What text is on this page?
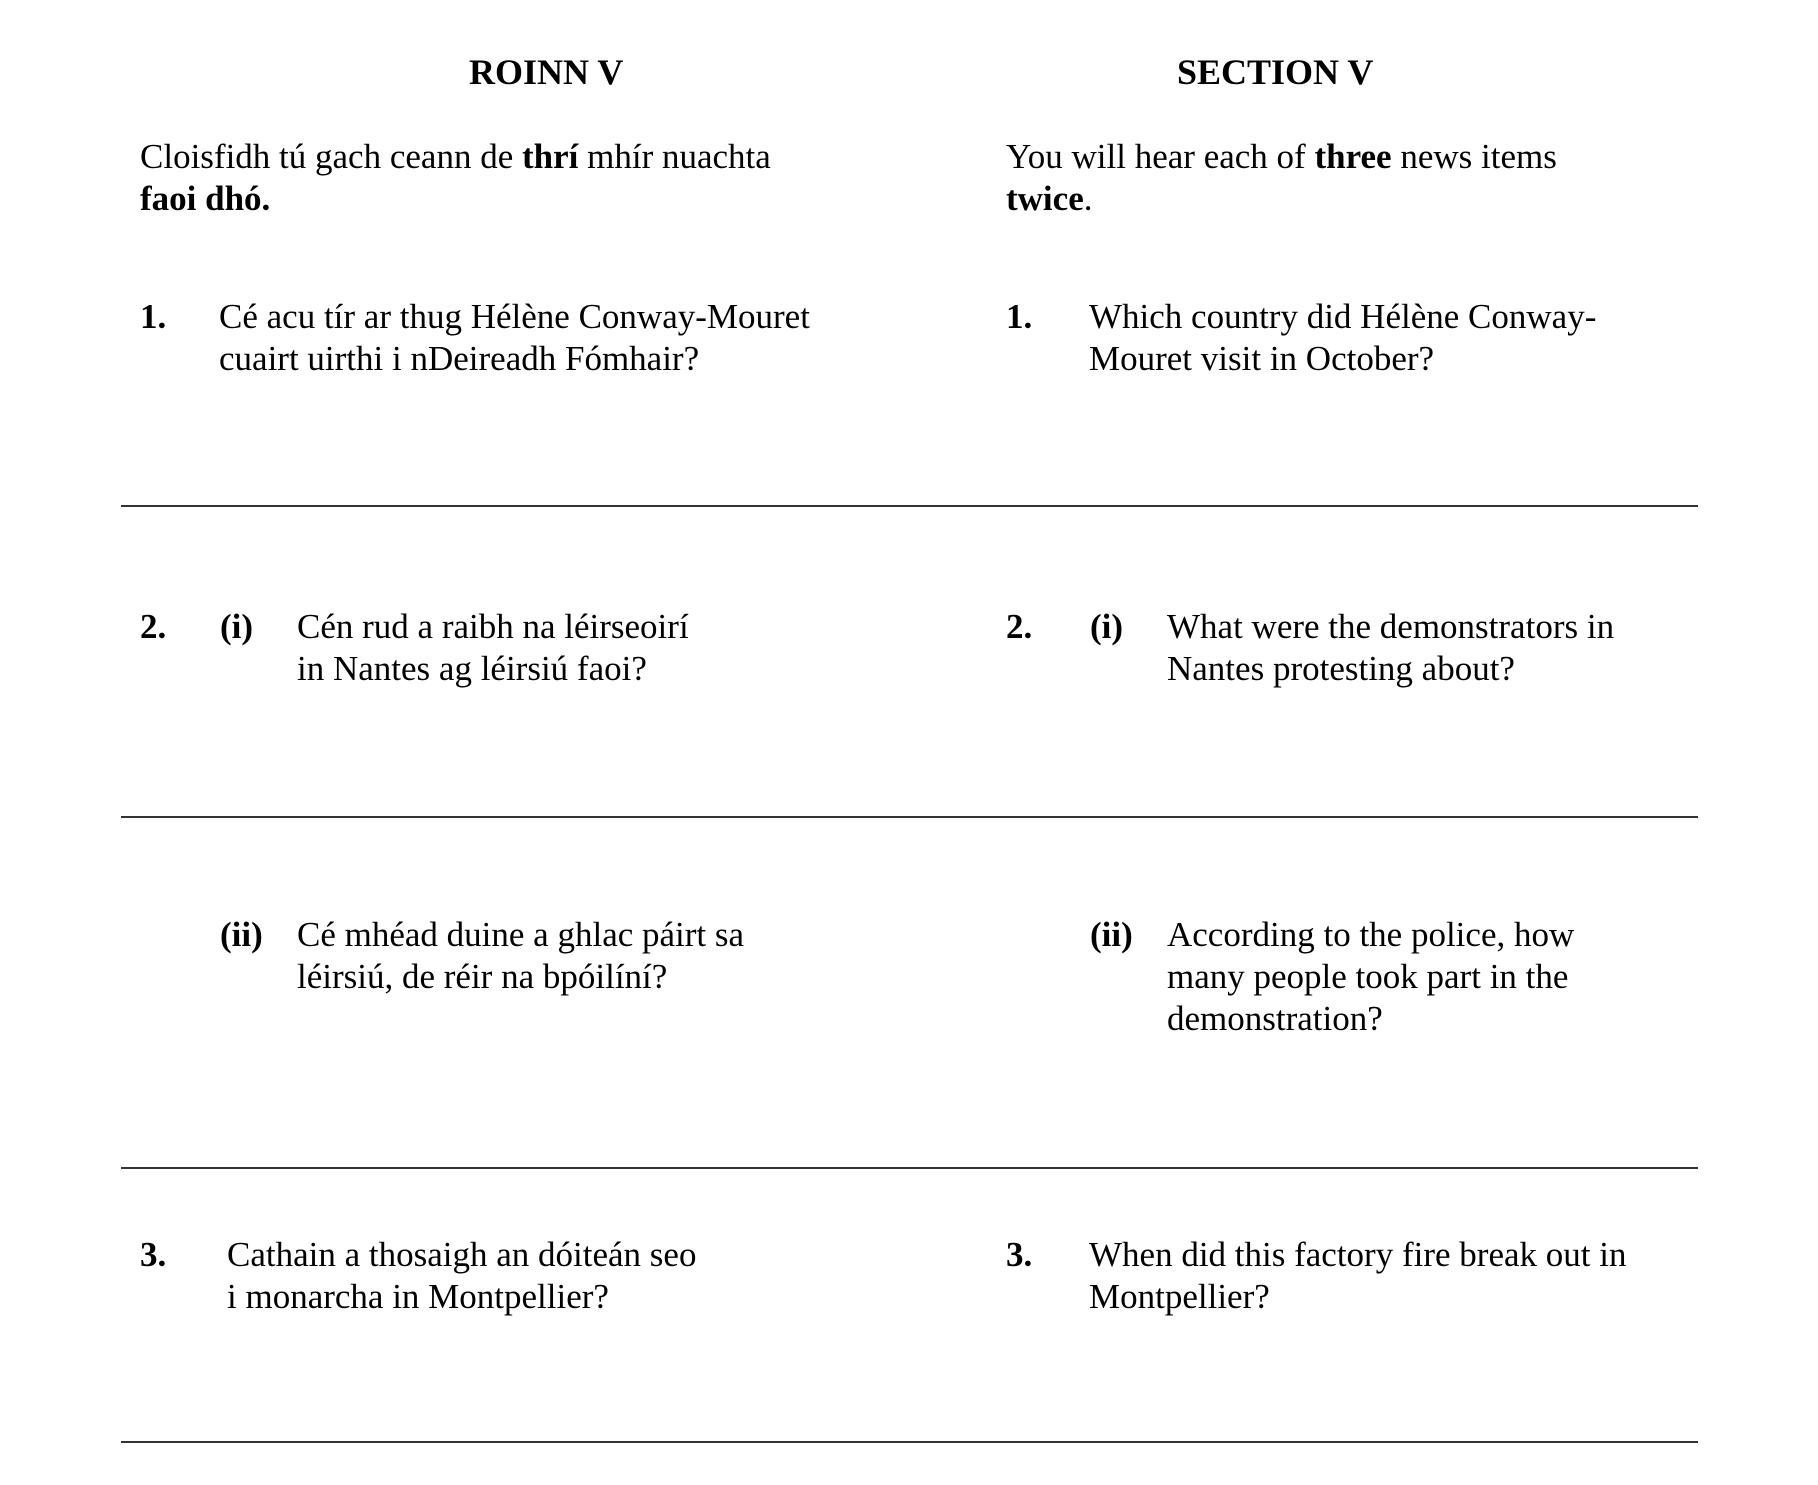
ROINN V	SECTION V
Cloisfidh tú gach ceann de thrí mhír nuachta
faoi dhó.
You will hear each of three news items
twice.
1. Cé acu tír ar thug Hélène Conway-Mouret
cuairt uirthi i nDeireadh Fómhair?
1. Which country did Hélène Conway-
Mouret visit in October?
2. (i) Cén rud a raibh na léirseoirí
in Nantes ag léirsiú faoi?
2. (i) What were the demonstrators in
Nantes protesting about?
(ii) Cé mhéad duine a ghlac páirt sa
léirsiú, de réir na bpóilíní?
(ii) According to the police, how
many people took part in the
demonstration?
3. Cathain a thosaigh an dóiteán seo
i monarcha in Montpellier?
3. When did this factory fire break out in
Montpellier?
